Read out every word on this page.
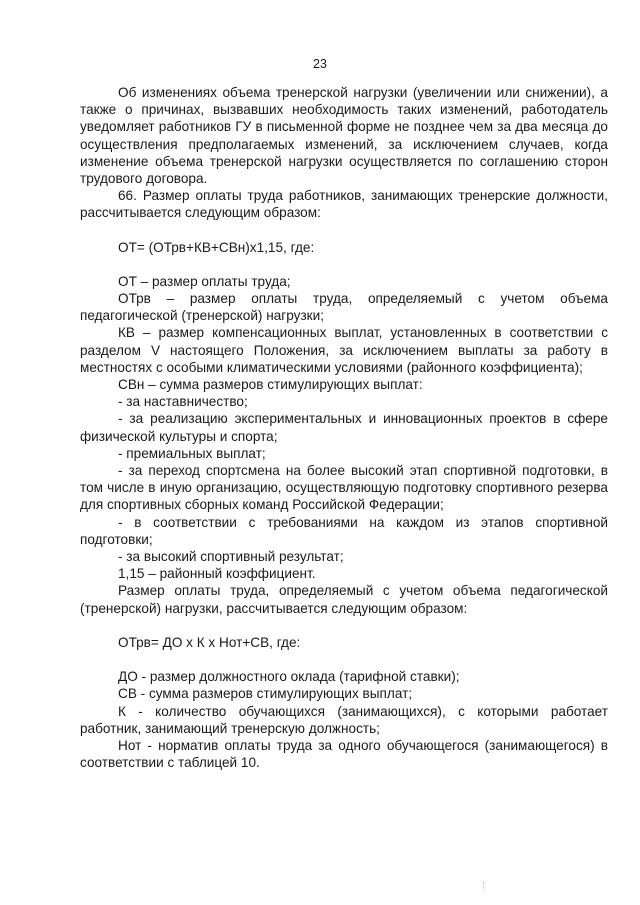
23

Об изменениях объема тренерской нагрузки (увеличении или снижении), а также о причинах, вызвавших необходимость таких изменений, работодатель уведомляет работников ГУ в письменной форме не позднее чем за два месяца до осуществления предполагаемых изменений, за исключением случаев, когда изменение объема тренерской нагрузки осуществляется по соглашению сторон трудового договора.

66. Размер оплаты труда работников, занимающих тренерские должности, рассчитывается следующим образом:

ОТ= (ОТрв+КВ+СВн)х1,15, где:

ОТ – размер оплаты труда;

ОТрв – размер оплаты труда, определяемый с учетом объема педагогической (тренерской) нагрузки;

КВ – размер компенсационных выплат, установленных в соответствии с разделом V настоящего Положения, за исключением выплаты за работу в местностях с особыми климатическими условиями (районного коэффициента);

СВн – сумма размеров стимулирующих выплат:

- за наставничество;

- за реализацию экспериментальных и инновационных проектов в сфере физической культуры и спорта;

- премиальных выплат;

- за переход спортсмена на более высокий этап спортивной подготовки, в том числе в иную организацию, осуществляющую подготовку спортивного резерва для спортивных сборных команд Российской Федерации;

- в соответствии с требованиями на каждом из этапов спортивной подготовки;

- за высокий спортивный результат;

1,15 – районный коэффициент.

Размер оплаты труда, определяемый с учетом объема педагогической (тренерской) нагрузки, рассчитывается следующим образом:

ОТрв= ДО х К х Нот+СВ, где:

ДО - размер должностного оклада (тарифной ставки);

СВ - сумма размеров стимулирующих выплат;

К - количество обучающихся (занимающихся), с которыми работает работник, занимающий тренерскую должность;

Нот - норматив оплаты труда за одного обучающегося (занимающегося) в соответствии с таблицей 10.
